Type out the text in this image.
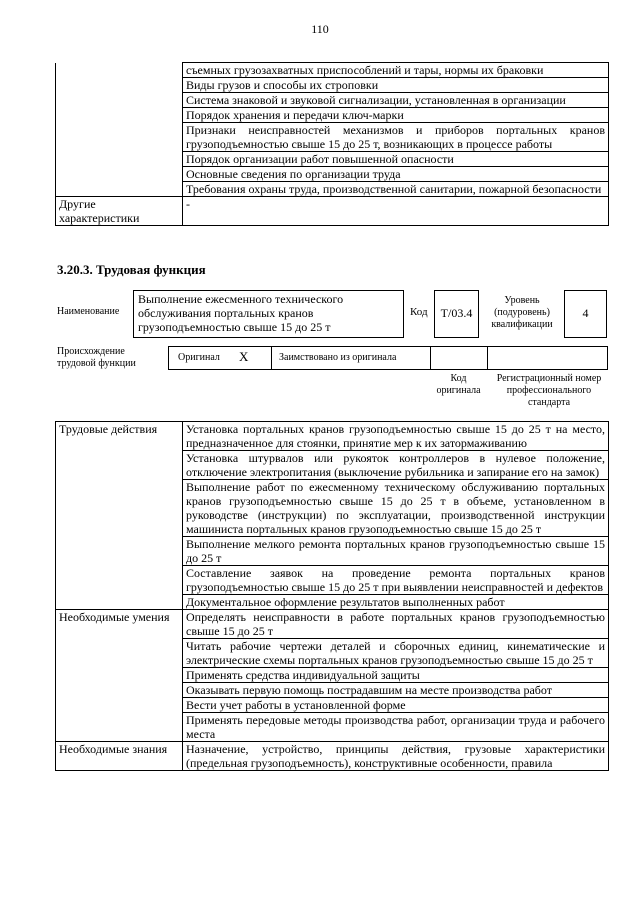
110
	съемных грузозахватных приспособлений и тары, нормы их браковки
	Виды грузов и способы их строповки
	Система знаковой и звуковой сигнализации, установленная в организации
	Порядок хранения и передачи ключ-марки
	Признаки неисправностей механизмов и приборов портальных кранов грузоподъемностью свыше 15 до 25 т, возникающих в процессе работы
	Порядок организации работ повышенной опасности
	Основные сведения по организации труда
	Требования охраны труда, производственной санитарии, пожарной безопасности
Другие характеристики	-
3.20.3. Трудовая функция
Наименование
Выполнение ежесменного технического обслуживания портальных кранов грузоподъемностью свыше 15 до 25 т
Код	T/03.4
Уровень (подуровень) квалификации
4
Происхождение трудовой функции
Оригинал X	Заимствовано из оригинала
Код оригинала
Регистрационный номер профессионального стандарта
Трудовые действия	Установка портальных кранов грузоподъемностью свыше 15 до 25 т на место, предназначенное для стоянки, принятие мер к их затормаживанию
	Установка штурвалов или рукояток контроллеров в нулевое положение, отключение электропитания (выключение рубильника и запирание его на замок)
	Выполнение работ по ежесменному техническому обслуживанию портальных кранов грузоподъемностью свыше 15 до 25 т в объеме, установленном в руководстве (инструкции) по эксплуатации, производственной инструкции машиниста портальных кранов грузоподъемностью свыше 15 до 25 т
	Выполнение мелкого ремонта портальных кранов грузоподъемностью свыше 15 до 25 т
	Составление заявок на проведение ремонта портальных кранов грузоподъемностью свыше 15 до 25 т при выявлении неисправностей и дефектов
	Документальное оформление результатов выполненных работ
Необходимые умения	Определять неисправности в работе портальных кранов грузоподъемностью свыше 15 до 25 т
	Читать рабочие чертежи деталей и сборочных единиц, кинематические и электрические схемы портальных кранов грузоподъемностью свыше 15 до 25 т
	Применять средства индивидуальной защиты
	Оказывать первую помощь пострадавшим на месте производства работ
	Вести учет работы в установленной форме
	Применять передовые методы производства работ, организации труда и рабочего места
Необходимые знания	Назначение, устройство, принципы действия, грузовые характеристики (предельная грузоподъемность), конструктивные особенности, правила
